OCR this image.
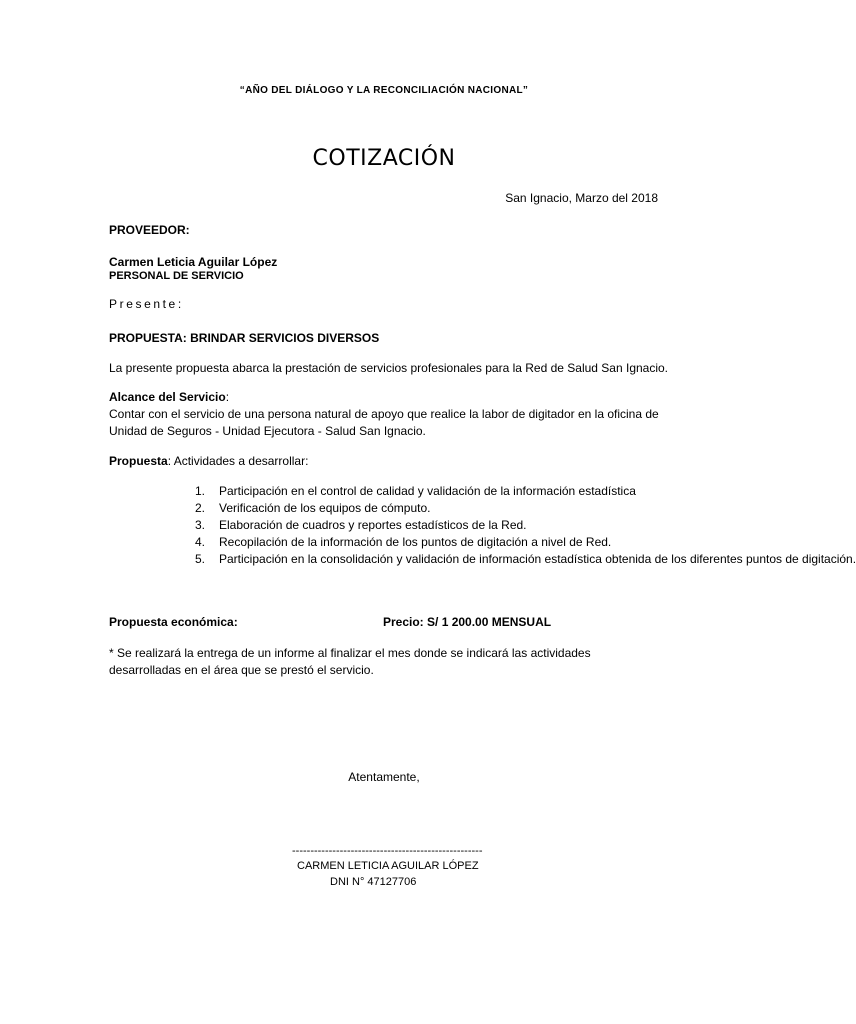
“AÑO DEL DIÁLOGO Y LA RECONCILIACIÓN NACIONAL”
COTIZACIÓN
San Ignacio, Marzo del 2018
PROVEEDOR:
Carmen Leticia Aguilar López
PERSONAL DE SERVICIO
Presente:
PROPUESTA: BRINDAR SERVICIOS DIVERSOS
La presente propuesta abarca la prestación de servicios profesionales para la Red de Salud San Ignacio.
Alcance del Servicio:
Contar con el servicio de una persona natural de apoyo que realice la labor de digitador en la oficina de Unidad de Seguros - Unidad Ejecutora - Salud San Ignacio.
Propuesta: Actividades a desarrollar:
1. Participación en el control de calidad y validación de la información estadística
2. Verificación de los equipos de cómputo.
3. Elaboración de cuadros y reportes estadísticos de la Red.
4. Recopilación de la información de los puntos de digitación a nivel de Red.
5. Participación en la consolidación y validación de información estadística obtenida de los diferentes puntos de digitación.
Propuesta económica:	Precio: S/ 1 200.00 MENSUAL
* Se realizará la entrega de un informe al finalizar el mes donde se indicará las actividades desarrolladas en el área que se prestó el servicio.
Atentamente,
----------------------------------------------------
CARMEN LETICIA AGUILAR LÓPEZ
DNI N° 47127706
